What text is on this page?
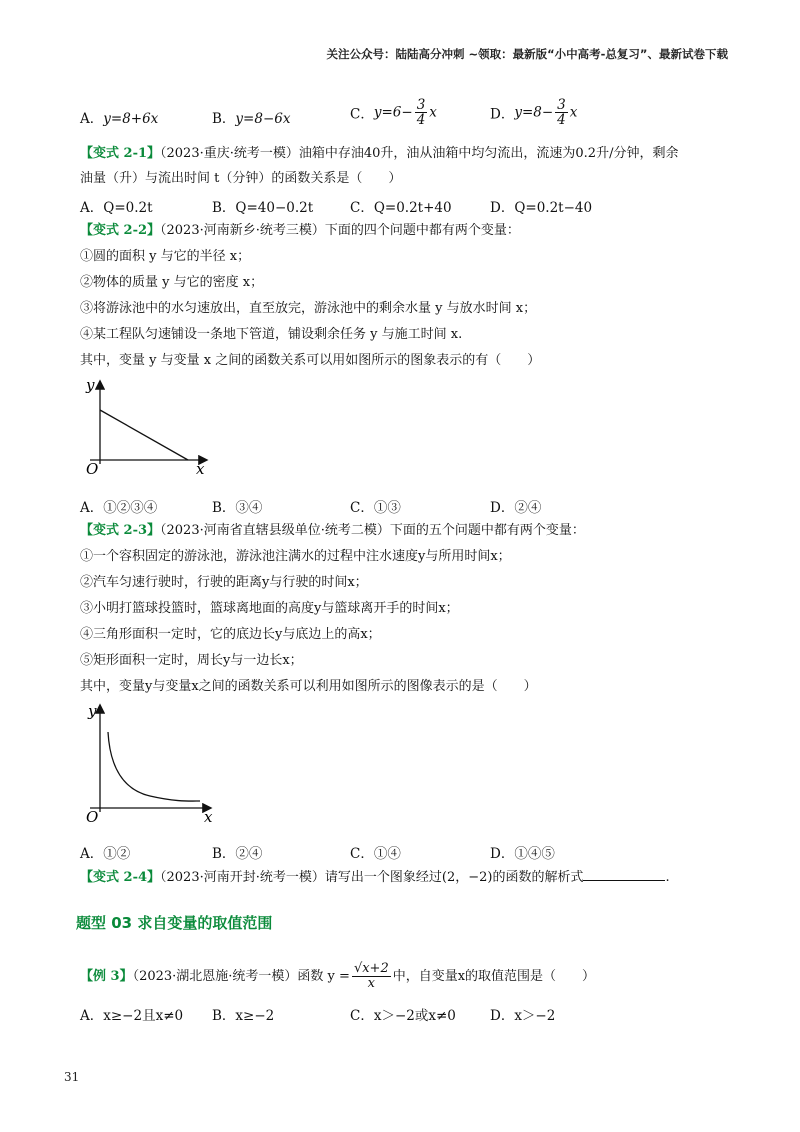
关注公众号：陆陆高分冲刺 ~领取：最新版“小中高考-总复习”、最新试卷下载
A．y=8+6x	B．y=8−6x	C．$y=6- \frac{3}{4}$ x	D．$y=8- \frac{3}{4}$ x
【变式 2-1】（2023·重庆·统考一模）油箱中存油40升，油从油箱中均匀流出，流速为0.2升/分钟，剩余
油量（升）与流出时间 t（分钟）的函数关系是（　　）
A．Q=0.2t	B．Q=40−0.2t	C．Q=0.2t+40	D．Q=0.2t−40
【变式 2-2】（2023·河南新乡·统考三模）下面的四个问题中都有两个变量：
①圆的面积 y 与它的半径 x；
②物体的质量 y 与它的密度 x；
③将游泳池中的水匀速放出，直至放完，游泳池中的剩余水量 y 与放水时间 x；
④某工程队匀速铺设一条地下管道，铺设剩余任务 y 与施工时间 x.
其中，变量 y 与变量 x 之间的函数关系可以用如图所示的图象表示的有（　　）
y
x
O
A．①②③④	B．③④	C．①③	D．②④
【变式 2-3】（2023·河南省直辖县级单位·统考二模）下面的五个问题中都有两个变量：
①一个容积固定的游泳池，游泳池注满水的过程中注水速度y与所用时间x；
②汽车匀速行驶时，行驶的距离y与行驶的时间x；
③小明打篮球投篮时，篮球离地面的高度y与篮球离开手的时间x；
④三角形面积一定时，它的底边长y与底边上的高x；
⑤矩形面积一定时，周长y与一边长x；
其中，变量y与变量x之间的函数关系可以利用如图所示的图像表示的是（　　）
y
x
O
A．①②	B．②④	C．①④	D．①④⑤
【变式 2-4】（2023·河南开封·统考一模）请写出一个图象经过(2，−2)的函数的解析式	.
题型 03 求自变量的取值范围
【例 3】（2023·湖北恩施·统考一模）函数 $y = \frac{√x+2}{x}$ 中，自变量x的取值范围是（　　）
A．x≥−2且x≠0 B．x≥−2	C．x＞−2或x≠0	D．x＞−2
31
